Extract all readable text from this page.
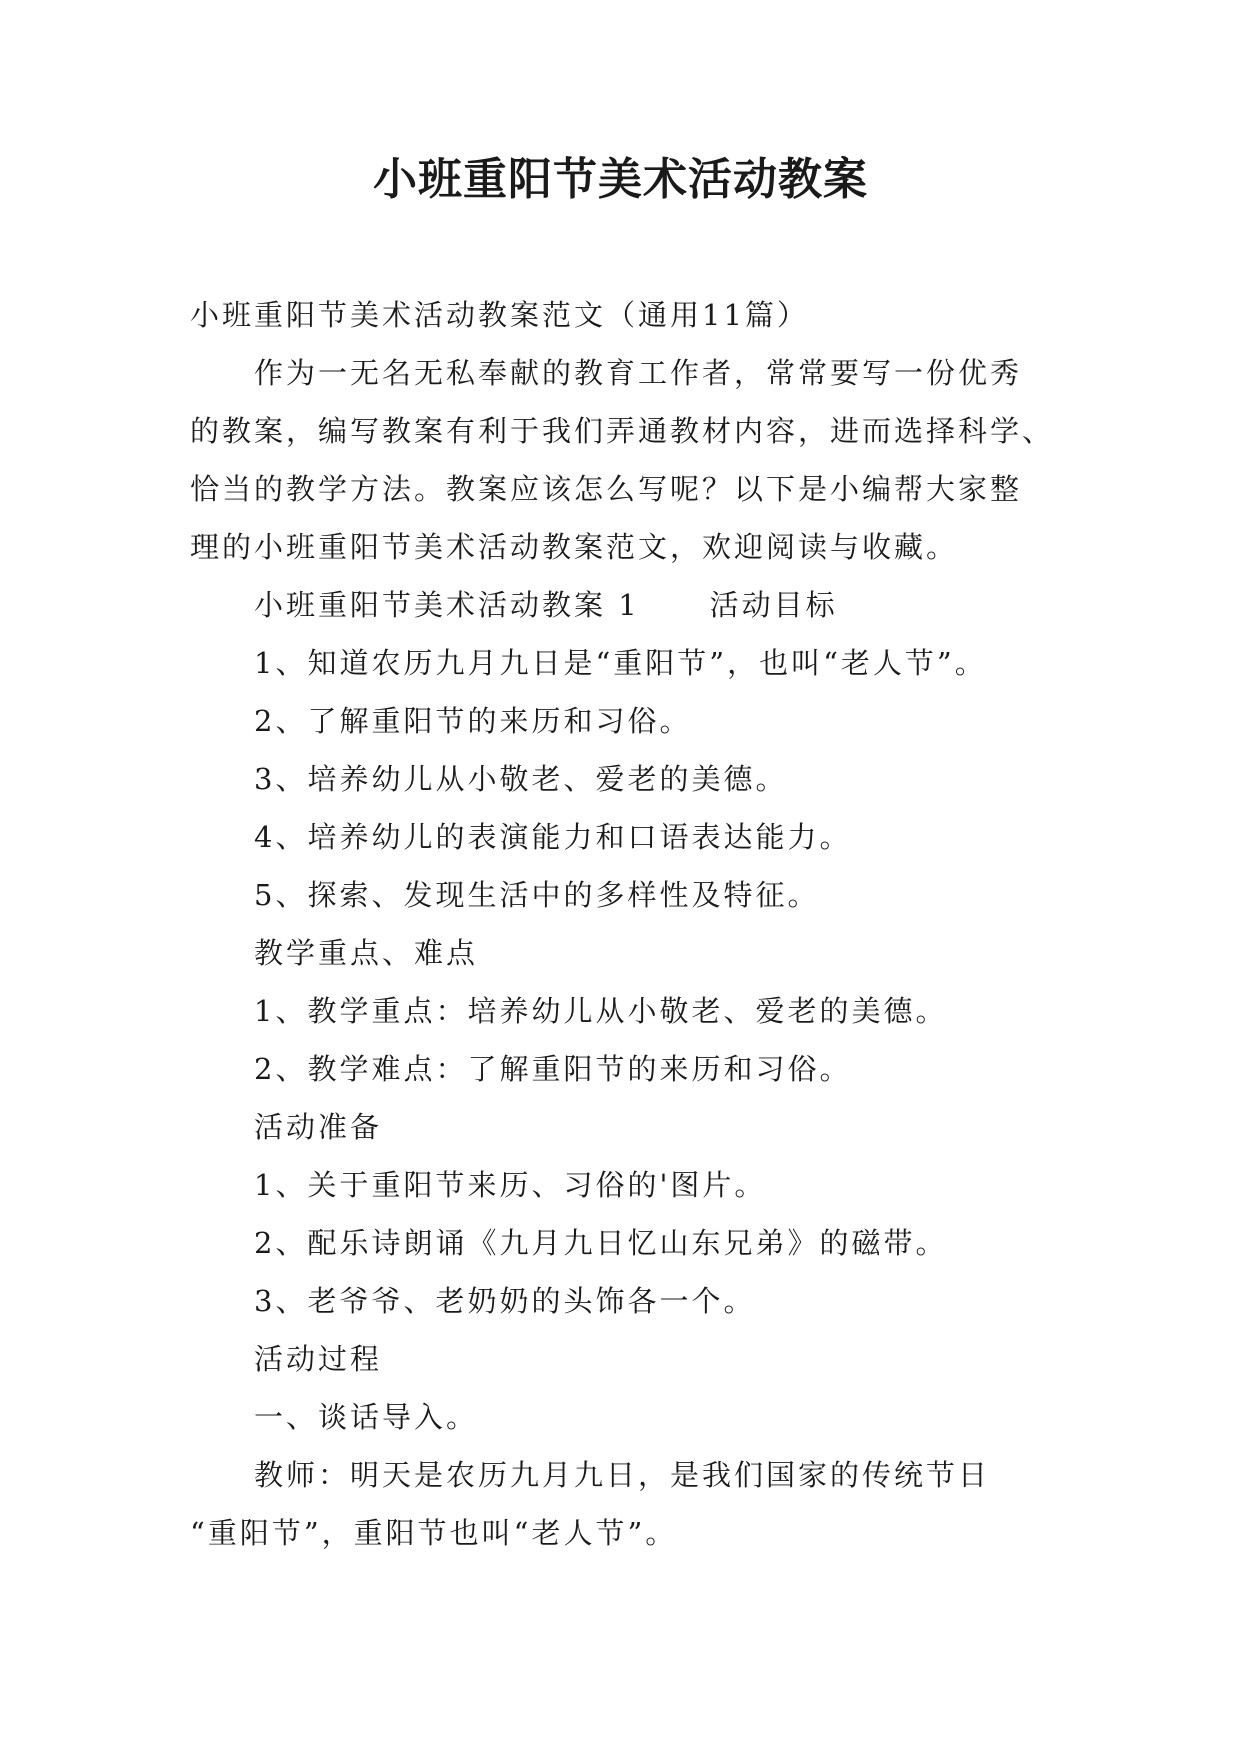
小班重阳节美术活动教案

小班重阳节美术活动教案范文（通用11篇）

作为一无名无私奉献的教育工作者，常常要写一份优秀

的教案，编写教案有利于我们弄通教材内容，进而选择科学、

恰当的教学方法。教案应该怎么写呢？以下是小编帮大家整

理的小班重阳节美术活动教案范文，欢迎阅读与收藏。

小班重阳节美术活动教案 1 活动目标

1、知道农历九月九日是“重阳节”，也叫“老人节”。

2、了解重阳节的来历和习俗。

3、培养幼儿从小敬老、爱老的美德。

4、培养幼儿的表演能力和口语表达能力。

5、探索、发现生活中的多样性及特征。

教学重点、难点

1、教学重点：培养幼儿从小敬老、爱老的美德。

2、教学难点：了解重阳节的来历和习俗。

活动准备

1、关于重阳节来历、习俗的'图片。

2、配乐诗朗诵《九月九日忆山东兄弟》的磁带。

3、老爷爷、老奶奶的头饰各一个。

活动过程

一、谈话导入。

教师：明天是农历九月九日，是我们国家的传统节日

“重阳节”，重阳节也叫“老人节”。
